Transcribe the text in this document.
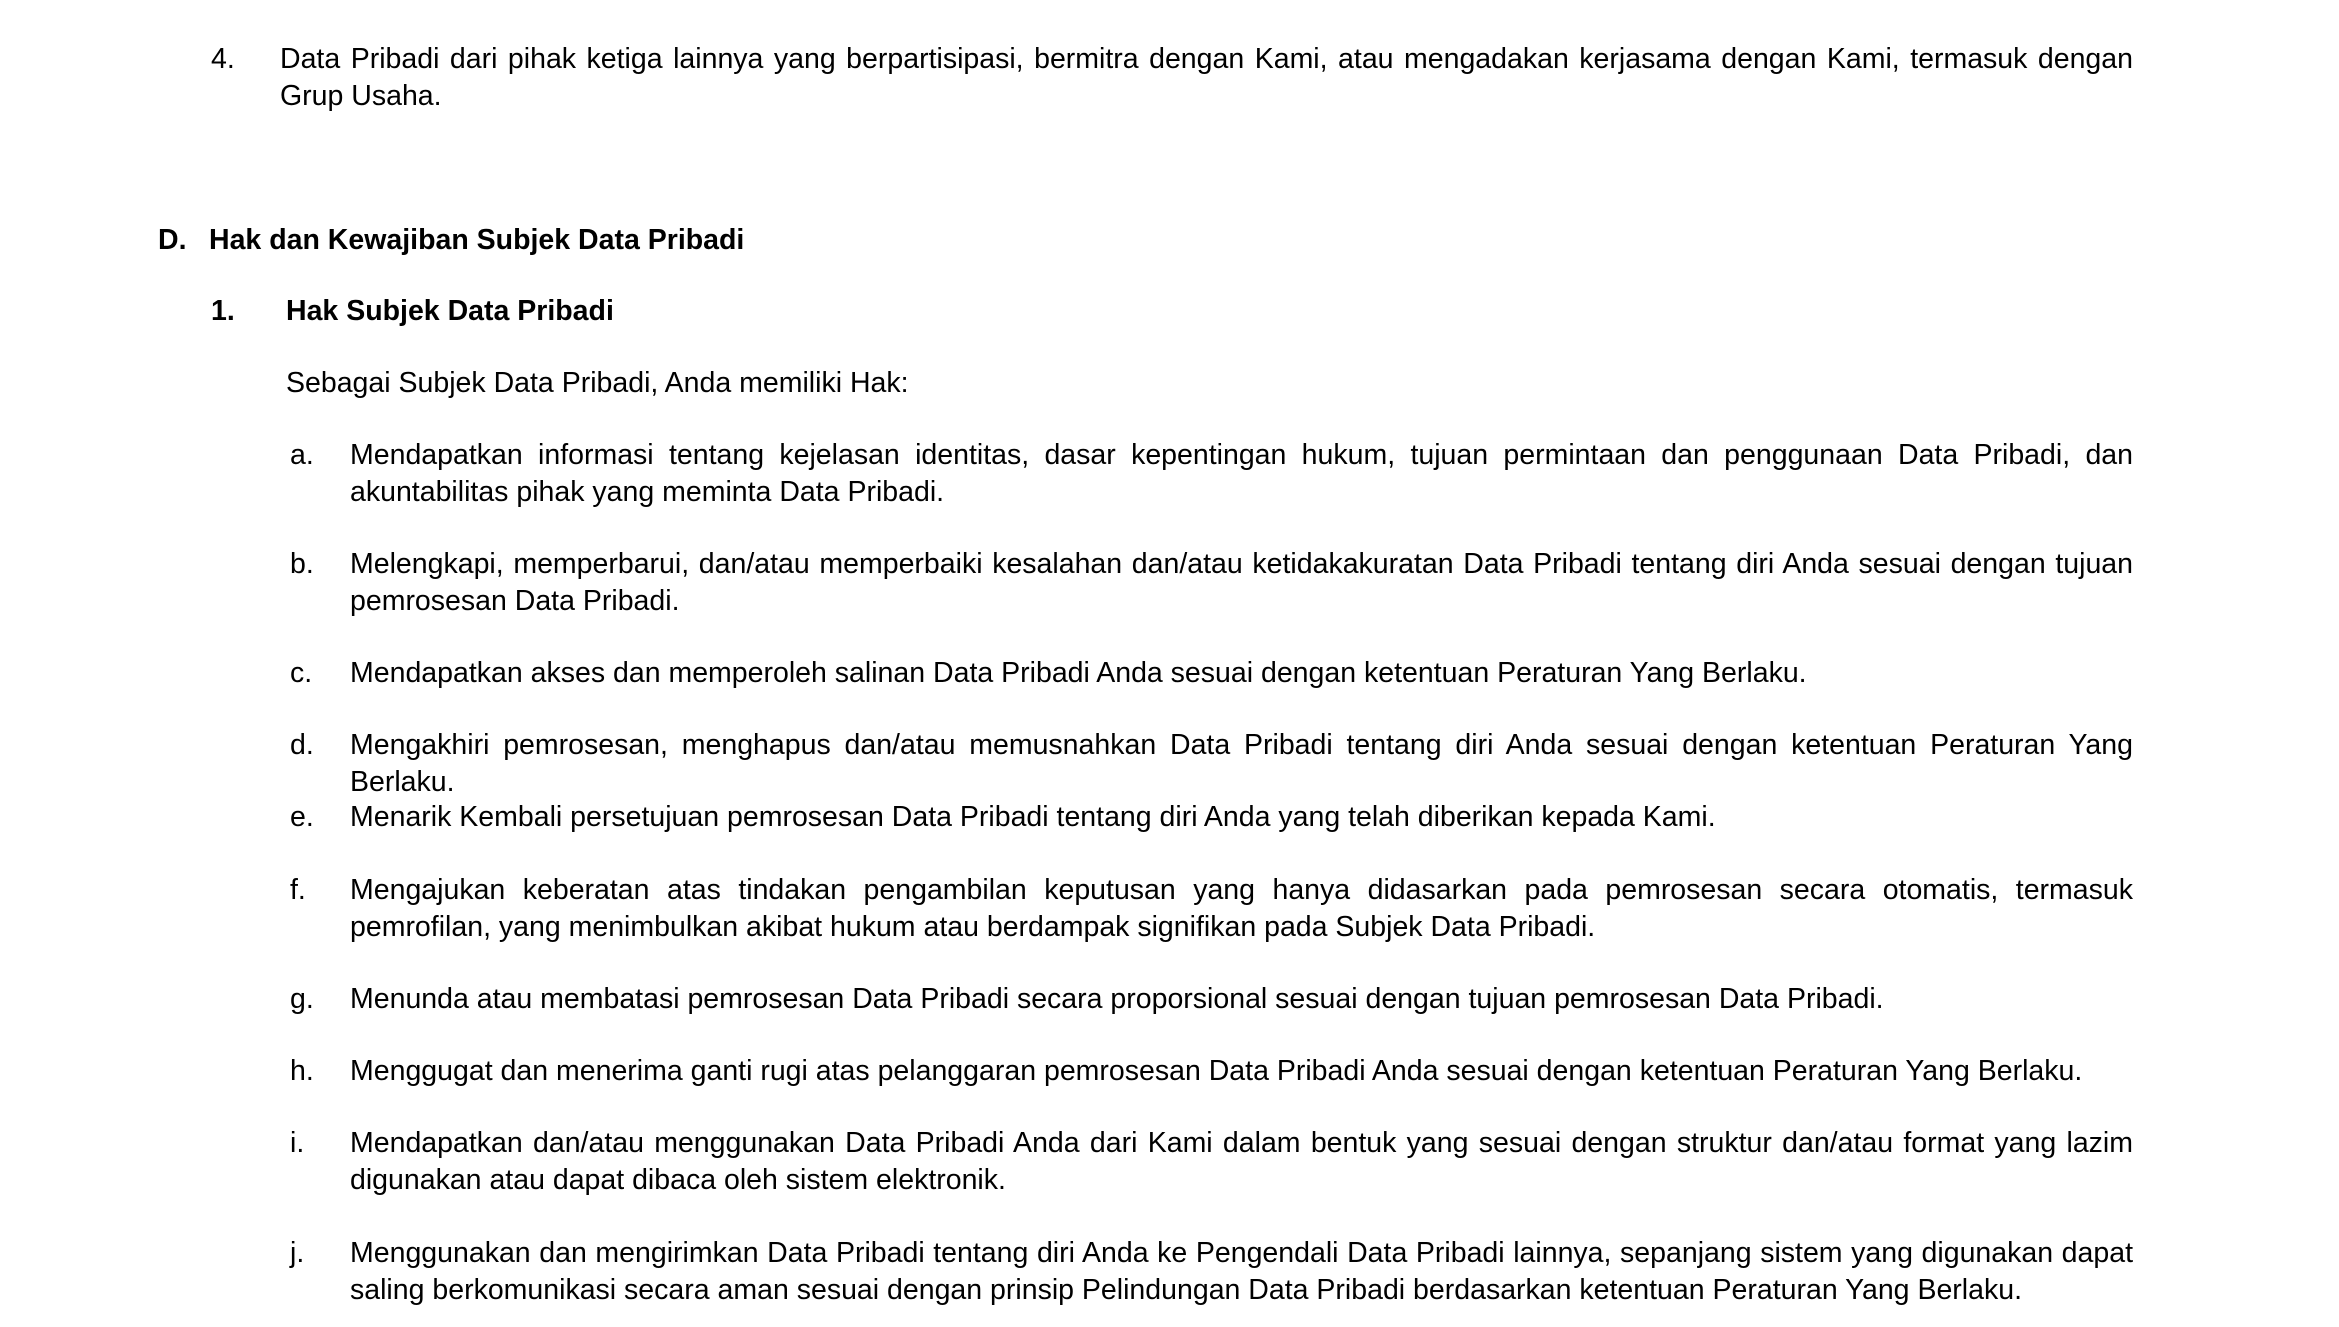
4. Data Pribadi dari pihak ketiga lainnya yang berpartisipasi, bermitra dengan Kami, atau mengadakan kerjasama dengan Kami, termasuk dengan Grup Usaha.
D. Hak dan Kewajiban Subjek Data Pribadi
1. Hak Subjek Data Pribadi
Sebagai Subjek Data Pribadi, Anda memiliki Hak:
a. Mendapatkan informasi tentang kejelasan identitas, dasar kepentingan hukum, tujuan permintaan dan penggunaan Data Pribadi, dan akuntabilitas pihak yang meminta Data Pribadi.
b. Melengkapi, memperbarui, dan/atau memperbaiki kesalahan dan/atau ketidakakuratan Data Pribadi tentang diri Anda sesuai dengan tujuan pemrosesan Data Pribadi.
c. Mendapatkan akses dan memperoleh salinan Data Pribadi Anda sesuai dengan ketentuan Peraturan Yang Berlaku.
d. Mengakhiri pemrosesan, menghapus dan/atau memusnahkan Data Pribadi tentang diri Anda sesuai dengan ketentuan Peraturan Yang Berlaku.
e. Menarik Kembali persetujuan pemrosesan Data Pribadi tentang diri Anda yang telah diberikan kepada Kami.
f. Mengajukan keberatan atas tindakan pengambilan keputusan yang hanya didasarkan pada pemrosesan secara otomatis, termasuk pemrofilan, yang menimbulkan akibat hukum atau berdampak signifikan pada Subjek Data Pribadi.
g. Menunda atau membatasi pemrosesan Data Pribadi secara proporsional sesuai dengan tujuan pemrosesan Data Pribadi.
h. Menggugat dan menerima ganti rugi atas pelanggaran pemrosesan Data Pribadi Anda sesuai dengan ketentuan Peraturan Yang Berlaku.
i. Mendapatkan dan/atau menggunakan Data Pribadi Anda dari Kami dalam bentuk yang sesuai dengan struktur dan/atau format yang lazim digunakan atau dapat dibaca oleh sistem elektronik.
j. Menggunakan dan mengirimkan Data Pribadi tentang diri Anda ke Pengendali Data Pribadi lainnya, sepanjang sistem yang digunakan dapat saling berkomunikasi secara aman sesuai dengan prinsip Pelindungan Data Pribadi berdasarkan ketentuan Peraturan Yang Berlaku.
